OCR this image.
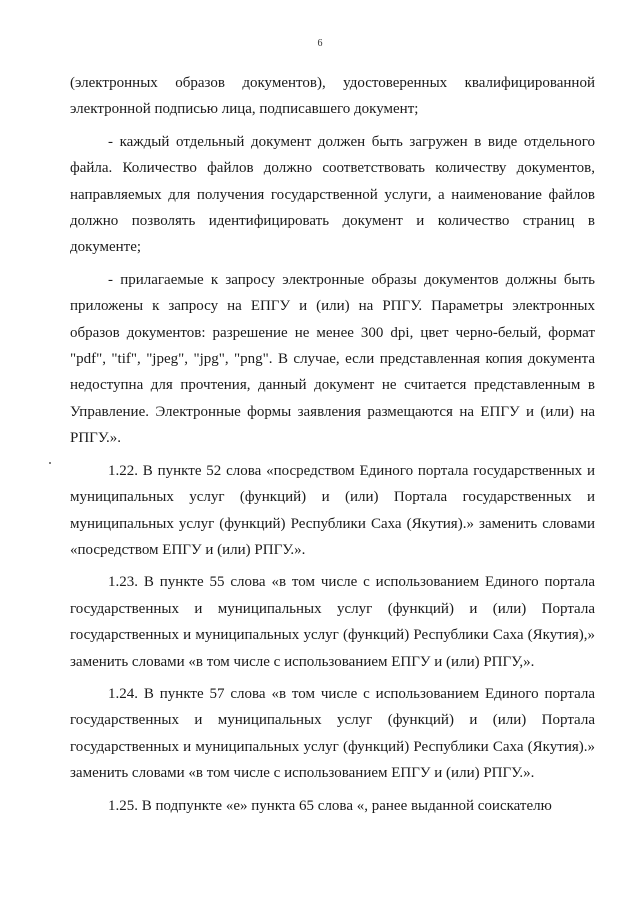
6

(электронных образов документов), удостоверенных квалифицированной электронной подписью лица, подписавшего документ;

- каждый отдельный документ должен быть загружен в виде отдельного файла. Количество файлов должно соответствовать количеству документов, направляемых для получения государственной услуги, а наименование файлов должно позволять идентифицировать документ и количество страниц в документе;

- прилагаемые к запросу электронные образы документов должны быть приложены к запросу на ЕПГУ и (или) на РПГУ. Параметры электронных образов документов: разрешение не менее 300 dpi, цвет черно-белый, формат "pdf", "tif", "jpeg", "jpg", "png". В случае, если представленная копия документа недоступна для прочтения, данный документ не считается представленным в Управление. Электронные формы заявления размещаются на ЕПГУ и (или) на РПГУ.».

1.22. В пункте 52 слова «посредством Единого портала государственных и муниципальных услуг (функций) и (или) Портала государственных и муниципальных услуг (функций) Республики Саха (Якутия).» заменить словами «посредством ЕПГУ и (или) РПГУ.».

1.23. В пункте 55 слова «в том числе с использованием Единого портала государственных и муниципальных услуг (функций) и (или) Портала государственных и муниципальных услуг (функций) Республики Саха (Якутия),» заменить словами «в том числе с использованием ЕПГУ и (или) РПГУ,».

1.24. В пункте 57 слова «в том числе с использованием Единого портала государственных и муниципальных услуг (функций) и (или) Портала государственных и муниципальных услуг (функций) Республики Саха (Якутия).» заменить словами «в том числе с использованием ЕПГУ и (или) РПГУ.».

1.25. В подпункте «е» пункта 65 слова «, ранее выданной соискателю
